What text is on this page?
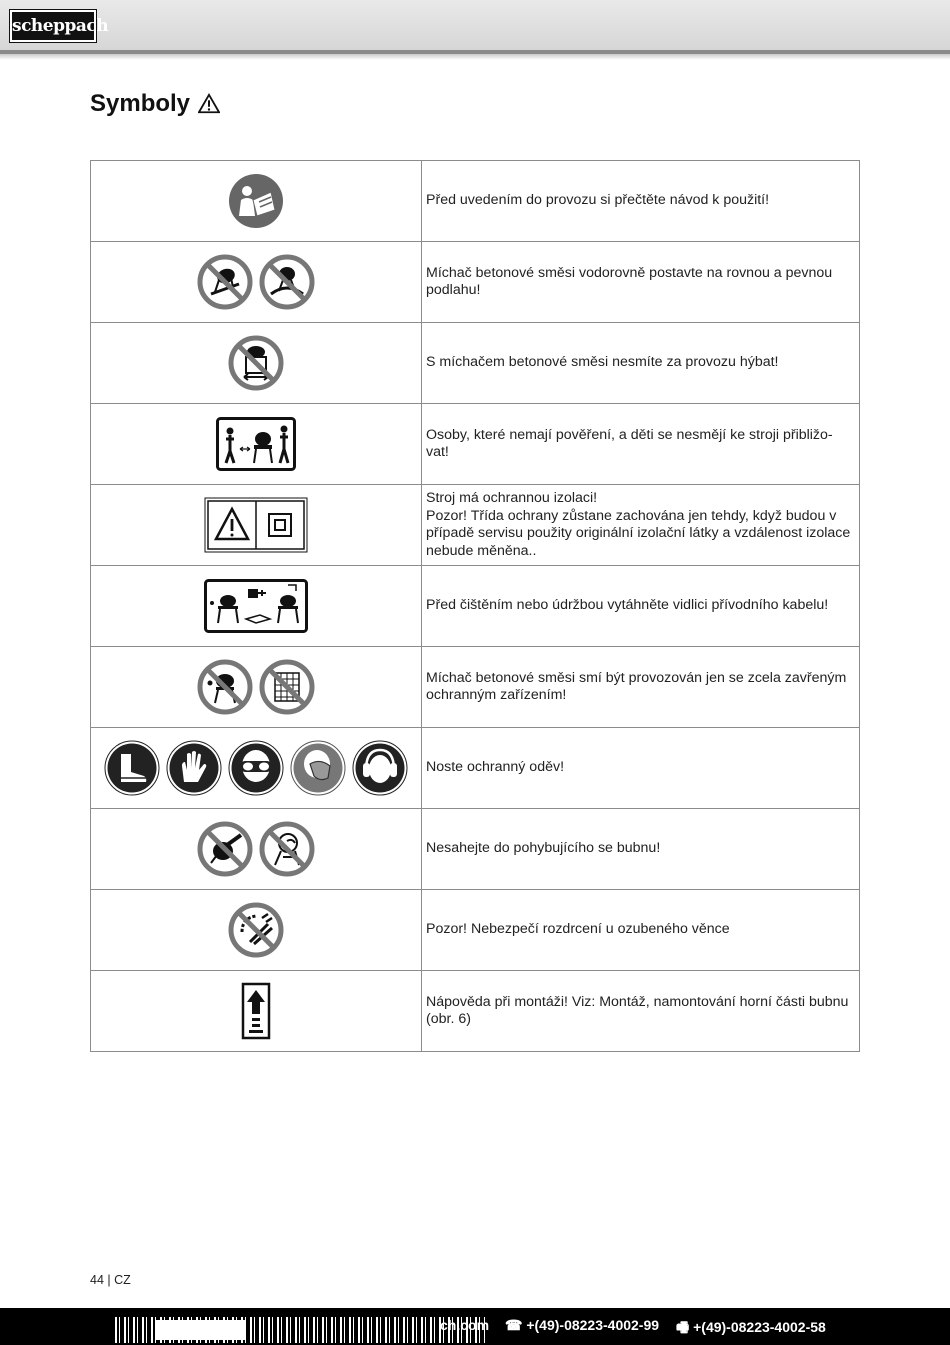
scheppach
Symboly
	Před uvedením do provozu si přečtěte návod k použití!

	Míchač betonové směsi vodorovně postavte na rovnou a pevnou podlahu!

	S míchačem betonové směsi nesmíte za provozu hýbat!

	Osoby, které nemají pověření, a děti se nesmějí ke stroji přibližo-vat!

	Stroj má ochrannou izolaci!
Pozor! Třída ochrany zůstane zachována jen tehdy, když budou v případě servisu použity originální izolační látky a vzdálenost izolace nebude měněna..

	Před čištěním nebo údržbou vytáhněte vidlici přívodního kabelu!

	Míchač betonové směsi smí být provozován jen se zcela zavřeným ochranným zařízením!

	Noste ochranný oděv!

	Nesahejte do pohybujícího se bubnu!

	Pozor! Nebezpečí rozdrcení u ozubeného věnce

	Nápověda při montáži! Viz: Montáž, namontování horní části bubnu (obr. 6)
44 | CZ
ch.com ☎ +(49)-08223-4002-99 🖷 +(49)-08223-4002-58
